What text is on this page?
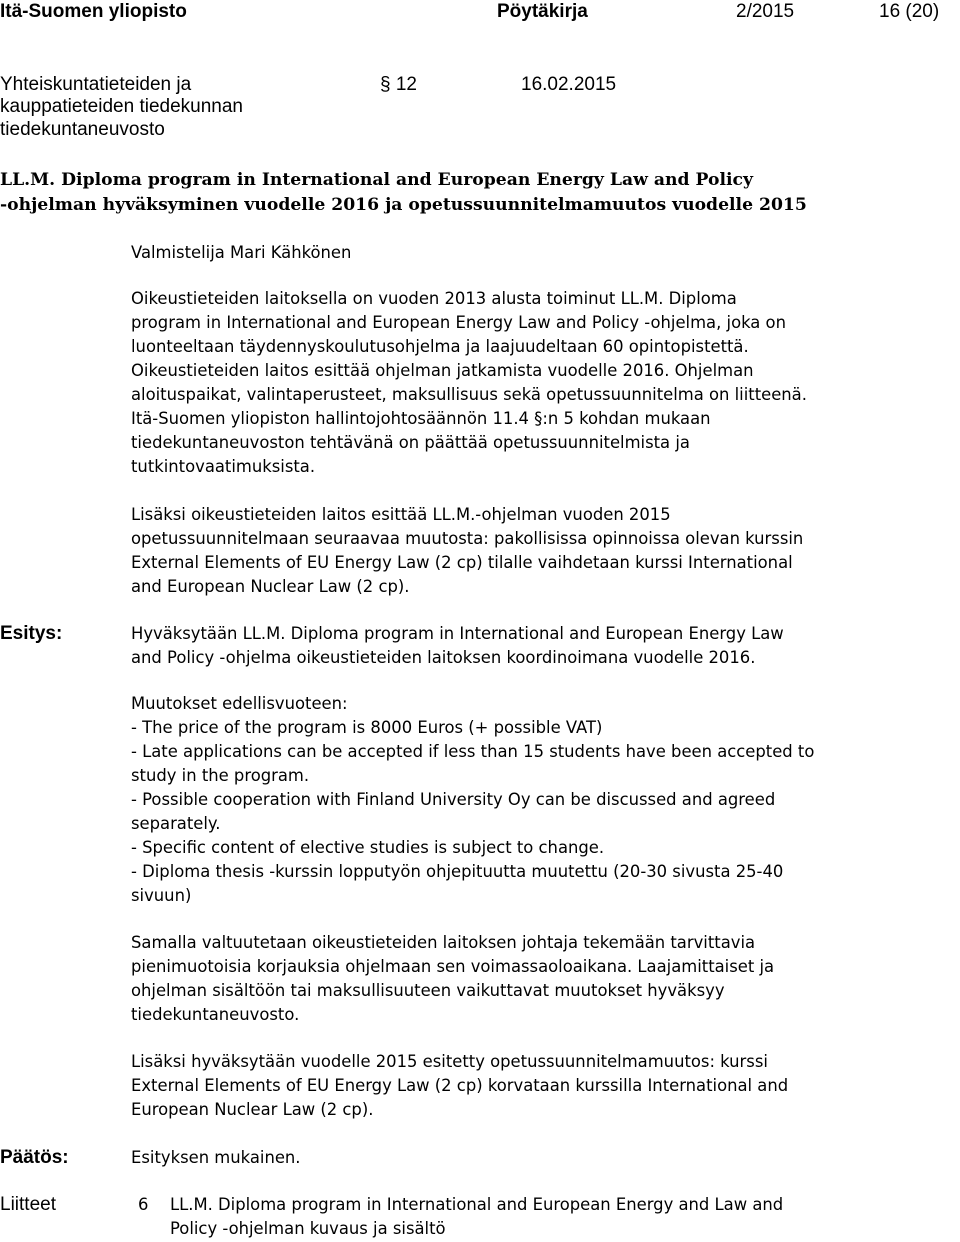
Itä-Suomen yliopisto	Pöytäkirja	2/2015	16 (20)
Yhteiskuntatieteiden ja
kauppatieteiden tiedekunnan
tiedekuntaneuvosto
§ 12	16.02.2015
LL.M. Diploma program in International and European Energy Law and Policy
-ohjelman hyväksyminen vuodelle 2016 ja opetussuunnitelmamuutos vuodelle 2015
Valmistelija Mari Kähkönen
Oikeustieteiden laitoksella on vuoden 2013 alusta toiminut LL.M. Diploma
program in International and European Energy Law and Policy -ohjelma, joka on
luonteeltaan täydennyskoulutusohjelma ja laajuudeltaan 60 opintopistettä.
Oikeustieteiden laitos esittää ohjelman jatkamista vuodelle 2016. Ohjelman
aloituspaikat, valintaperusteet, maksullisuus sekä opetussuunnitelma on liitteenä.
Itä-Suomen yliopiston hallintojohtosäännön 11.4 §:n 5 kohdan mukaan
tiedekuntaneuvoston tehtävänä on päättää opetussuunnitelmista ja
tutkintovaatimuksista.
Lisäksi oikeustieteiden laitos esittää LL.M.-ohjelman vuoden 2015
opetussuunnitelmaan seuraavaa muutosta: pakollisissa opinnoissa olevan kurssin
External Elements of EU Energy Law (2 cp) tilalle vaihdetaan kurssi International
and European Nuclear Law (2 cp).
Esitys:	Hyväksytään LL.M. Diploma program in International and European Energy Law
and Policy -ohjelma oikeustieteiden laitoksen koordinoimana vuodelle 2016.
Muutokset edellisvuoteen:
- The price of the program is 8000 Euros (+ possible VAT)
- Late applications can be accepted if less than 15 students have been accepted to
study in the program.
- Possible cooperation with Finland University Oy can be discussed and agreed
separately.
- Specific content of elective studies is subject to change.
- Diploma thesis -kurssin lopputyön ohjepituutta muutettu (20-30 sivusta 25-40
sivuun)
Samalla valtuutetaan oikeustieteiden laitoksen johtaja tekemään tarvittavia
pienimuotoisia korjauksia ohjelmaan sen voimassaoloaikana. Laajamittaiset ja
ohjelman sisältöön tai maksullisuuteen vaikuttavat muutokset hyväksyy
tiedekuntaneuvosto.
Lisäksi hyväksytään vuodelle 2015 esitetty opetussuunnitelmamuutos: kurssi
External Elements of EU Energy Law (2 cp) korvataan kurssilla International and
European Nuclear Law (2 cp).
Päätös:	Esityksen mukainen.
Liitteet	6 LL.M. Diploma program in International and European Energy and Law and
Policy -ohjelman kuvaus ja sisältö
